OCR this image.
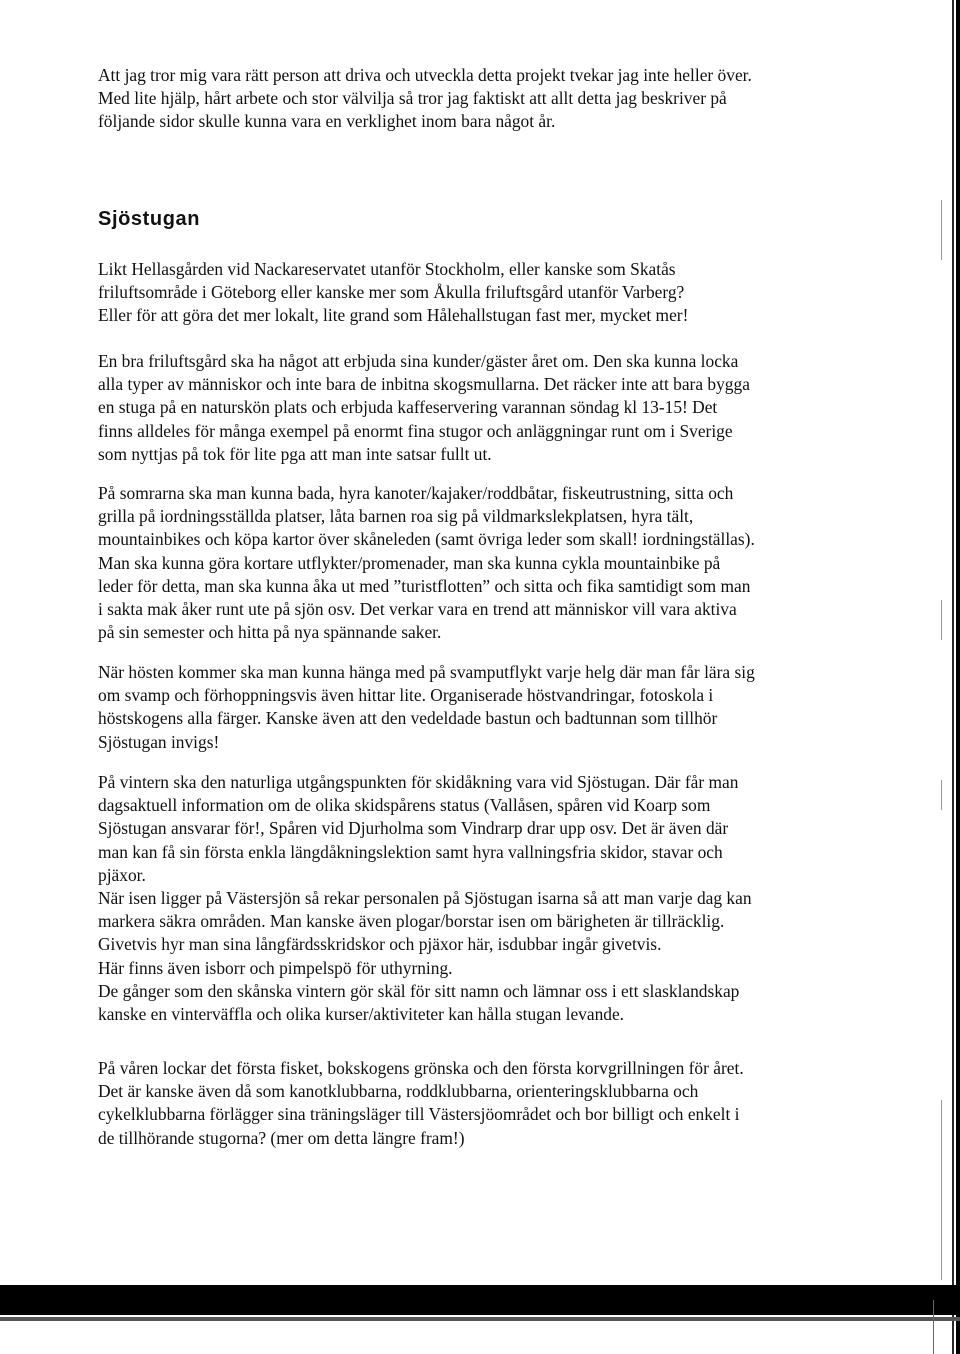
Att jag tror mig vara rätt person att driva och utveckla detta projekt tvekar jag inte heller över.
Med lite hjälp, hårt arbete och stor välvilja så tror jag faktiskt att allt detta jag beskriver på
följande sidor skulle kunna vara en verklighet inom bara något år.

Sjöstugan

Likt Hellasgården vid Nackareservatet utanför Stockholm, eller kanske som Skatås
friluftsområde i Göteborg eller kanske mer som Åkulla friluftsgård utanför Varberg?
Eller för att göra det mer lokalt, lite grand som Hålehallstugan fast mer, mycket mer!

En bra friluftsgård ska ha något att erbjuda sina kunder/gäster året om. Den ska kunna locka
alla typer av människor och inte bara de inbitna skogsmullarna. Det räcker inte att bara bygga
en stuga på en naturskön plats och erbjuda kaffeservering varannan söndag kl 13-15! Det
finns alldeles för många exempel på enormt fina stugor och anläggningar runt om i Sverige
som nyttjas på tok för lite pga att man inte satsar fullt ut.

På somrarna ska man kunna bada, hyra kanoter/kajaker/roddbåtar, fiskeutrustning, sitta och
grilla på iordningsställda platser, låta barnen roa sig på vildmarkslekplatsen, hyra tält,
mountainbikes och köpa kartor över skåneleden (samt övriga leder som skall! iordningställas).
Man ska kunna göra kortare utflykter/promenader, man ska kunna cykla mountainbike på
leder för detta, man ska kunna åka ut med ”turistflotten” och sitta och fika samtidigt som man
i sakta mak åker runt ute på sjön osv. Det verkar vara en trend att människor vill vara aktiva
på sin semester och hitta på nya spännande saker.

När hösten kommer ska man kunna hänga med på svamputflykt varje helg där man får lära sig
om svamp och förhoppningsvis även hittar lite. Organiserade höstvandringar, fotoskola i
höstskogens alla färger. Kanske även att den vedeldade bastun och badtunnan som tillhör
Sjöstugan invigs!

På vintern ska den naturliga utgångspunkten för skidåkning vara vid Sjöstugan. Där får man
dagsaktuell information om de olika skidspårens status (Vallåsen, spåren vid Koarp som
Sjöstugan ansvarar för!, Spåren vid Djurholma som Vindrarp drar upp osv. Det är även där
man kan få sin första enkla längdåkningslektion samt hyra vallningsfria skidor, stavar och
pjäxor.
När isen ligger på Västersjön så rekar personalen på Sjöstugan isarna så att man varje dag kan
markera säkra områden. Man kanske även plogar/borstar isen om bärigheten är tillräcklig.
Givetvis hyr man sina långfärdsskridskor och pjäxor här, isdubbar ingår givetvis.
Här finns även isborr och pimpelspö för uthyrning.
De gånger som den skånska vintern gör skäl för sitt namn och lämnar oss i ett slasklandskap
kanske en vinterväffla och olika kurser/aktiviteter kan hålla stugan levande.

På våren lockar det första fisket, bokskogens grönska och den första korvgrillningen för året.
Det är kanske även då som kanotklubbarna, roddklubbarna, orienteringsklubbarna och
cykelklubbarna förlägger sina träningsläger till Västersjöområdet och bor billigt och enkelt i
de tillhörande stugorna? (mer om detta längre fram!)
